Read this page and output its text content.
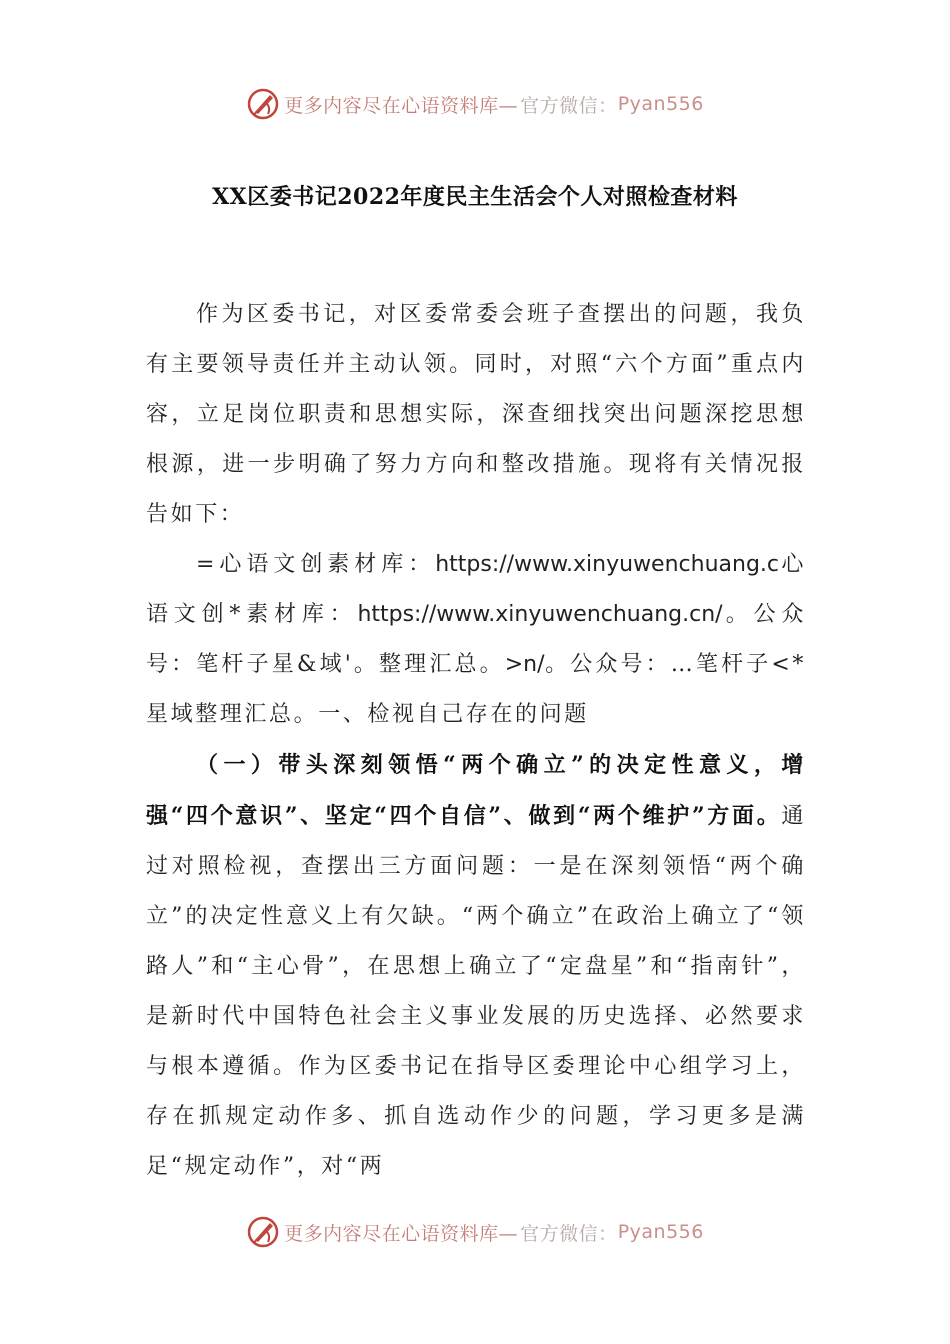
更多内容尽在心语资料库— 官方微信： Pyan556
XX区委书记2022年度民主生活会个人对照检查材料

作为区委书记，对区委常委会班子查摆出的问题，我负有主要领导责任并主动认领。同时，对照“六个方面”重点内容，立足岗位职责和思想实际，深查细找突出问题深挖思想根源，进一步明确了努力方向和整改措施。现将有关情况报告如下：

=心语文创素材库：https://www.xinyuwenchuang.c心语文创*素材库：https://www.xinyuwenchuang.cn/。公众号：笔杆子星&域'。整理汇总。>n/。公众号：…笔杆子<*星域整理汇总。一、检视自己存在的问题

（一）带头深刻领悟“两个确立”的决定性意义，增强“四个意识”、坚定“四个自信”、做到“两个维护”方面。通过对照检视，查摆出三方面问题：一是在深刻领悟“两个确立”的决定性意义上有欠缺。“两个确立”在政治上确立了“领路人”和“主心骨”，在思想上确立了“定盘星”和“指南针”，是新时代中国特色社会主义事业发展的历史选择、必然要求与根本遵循。作为区委书记在指导区委理论中心组学习上，存在抓规定动作多、抓自选动作少的问题，学习更多是满足“规定动作”，对“两

更多内容尽在心语资料库— 官方微信： Pyan556
